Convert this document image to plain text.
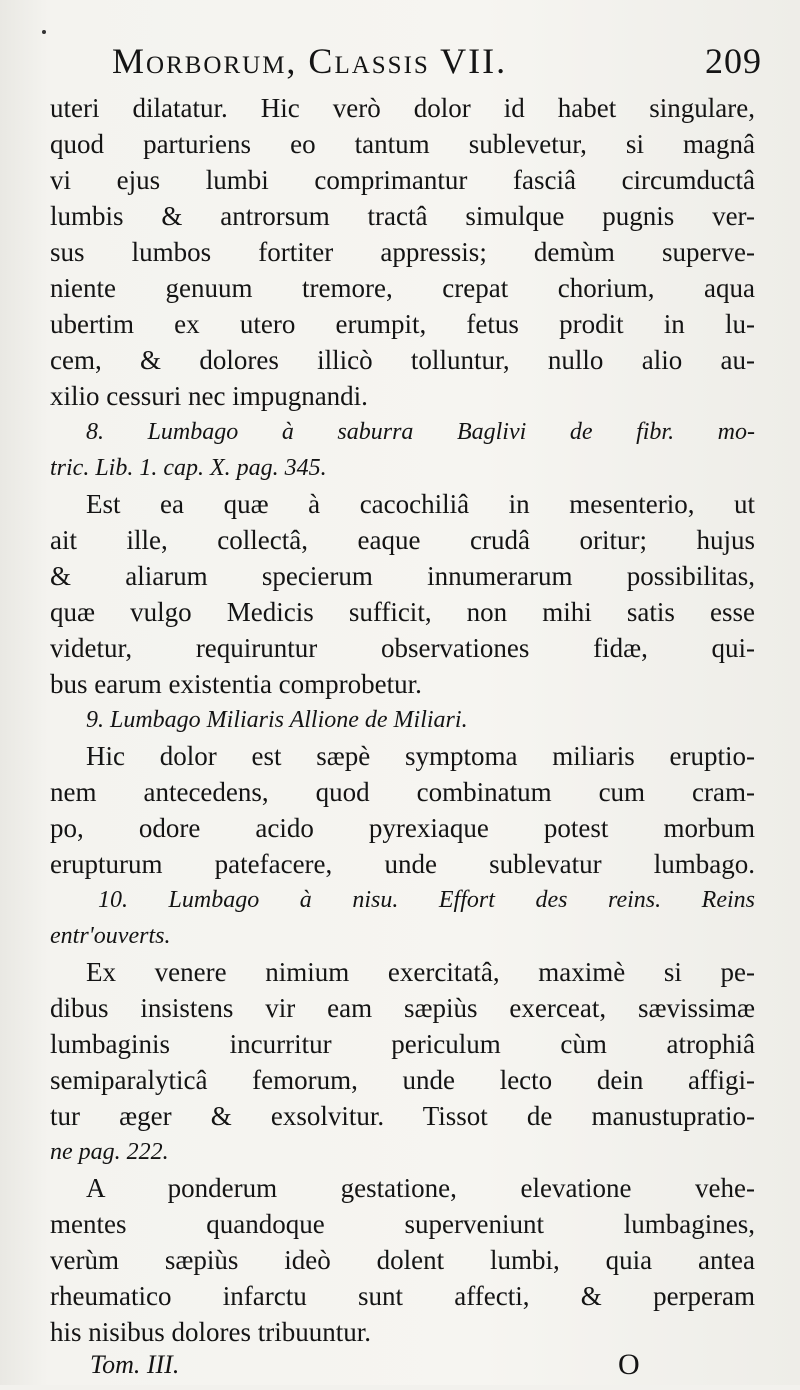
Morborum, Classis VII.	209
uteri dilatatur. Hic verò dolor id habet singulare,
quod parturiens eo tantum sublevetur, si magnâ
vi ejus lumbi comprimantur fasciâ circumductâ
lumbis & antrorsum tractâ simulque pugnis ver-
sus lumbos fortiter appressis; demùm superve-
niente genuum tremore, crepat chorium, aqua
ubertim ex utero erumpit, fetus prodit in lu-
cem, & dolores illicò tolluntur, nullo alio au-
xilio cessuri nec impugnandi.
8. Lumbago à saburra Baglivi de fibr. mo-
tric. Lib. 1. cap. X. pag. 345.
Est ea quæ à cacochiliâ in mesenterio, ut
ait ille, collectâ, eaque crudâ oritur; hujus
& aliarum specierum innumerarum possibilitas,
quæ vulgo Medicis sufficit, non mihi satis esse
videtur, requiruntur observationes fidæ, qui-
bus earum existentia comprobetur.
9. Lumbago Miliaris Allione de Miliari.
Hic dolor est sæpè symptoma miliaris eruptio-
nem antecedens, quod combinatum cum cram-
po, odore acido pyrexiaque potest morbum
erupturum patefacere, unde sublevatur lumbago.
10. Lumbago à nisu. Effort des reins. Reins
entr'ouverts.
Ex venere nimium exercitatâ, maximè si pe-
dibus insistens vir eam sæpiùs exerceat, sævissimæ
lumbaginis incurritur periculum cùm atrophiâ
semiparalyticâ femorum, unde lecto dein affigi-
tur æger & exsolvitur. Tissot de manustupratio-
ne pag. 222.
A ponderum gestatione, elevatione vehe-
mentes quandoque superveniunt lumbagines,
verùm sæpiùs ideò dolent lumbi, quia antea
rheumatico infarctu sunt affecti, & perperam
his nisibus dolores tribuuntur.
Tom. III.	O
